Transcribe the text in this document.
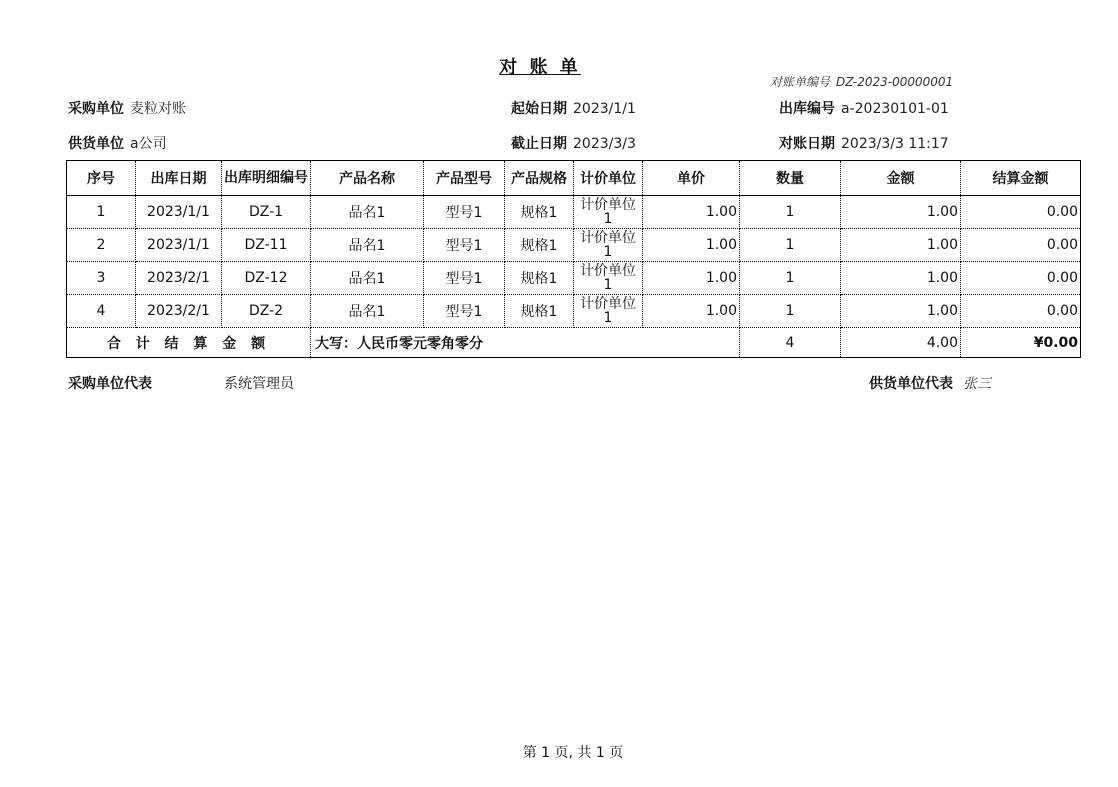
对 账 单
对账单编号 DZ-2023-00000001
采购单位 麦粒对账
供货单位 a公司
起始日期 2023/1/1
截止日期 2023/3/3
出库编号 a-20230101-01
对账日期 2023/3/3 11:17
序号	出库日期	出库明细编号	产品名称	产品型号	产品规格	计价单位	单价	数量	金额	结算金额
1	2023/1/1	DZ-1	品名1	型号1	规格1	计价单位1	1.00	1	1.00	0.00
2	2023/1/1	DZ-11	品名1	型号1	规格1	计价单位1	1.00	1	1.00	0.00
3	2023/2/1	DZ-12	品名1	型号1	规格1	计价单位1	1.00	1	1.00	0.00
4	2023/2/1	DZ-2	品名1	型号1	规格1	计价单位1	1.00	1	1.00	0.00
合 计 结 算 金 额			大写：人民币零元零角零分					4	4.00	¥0.00
采购单位代表	系统管理员	供货单位代表 张三
第 1 页, 共 1 页
